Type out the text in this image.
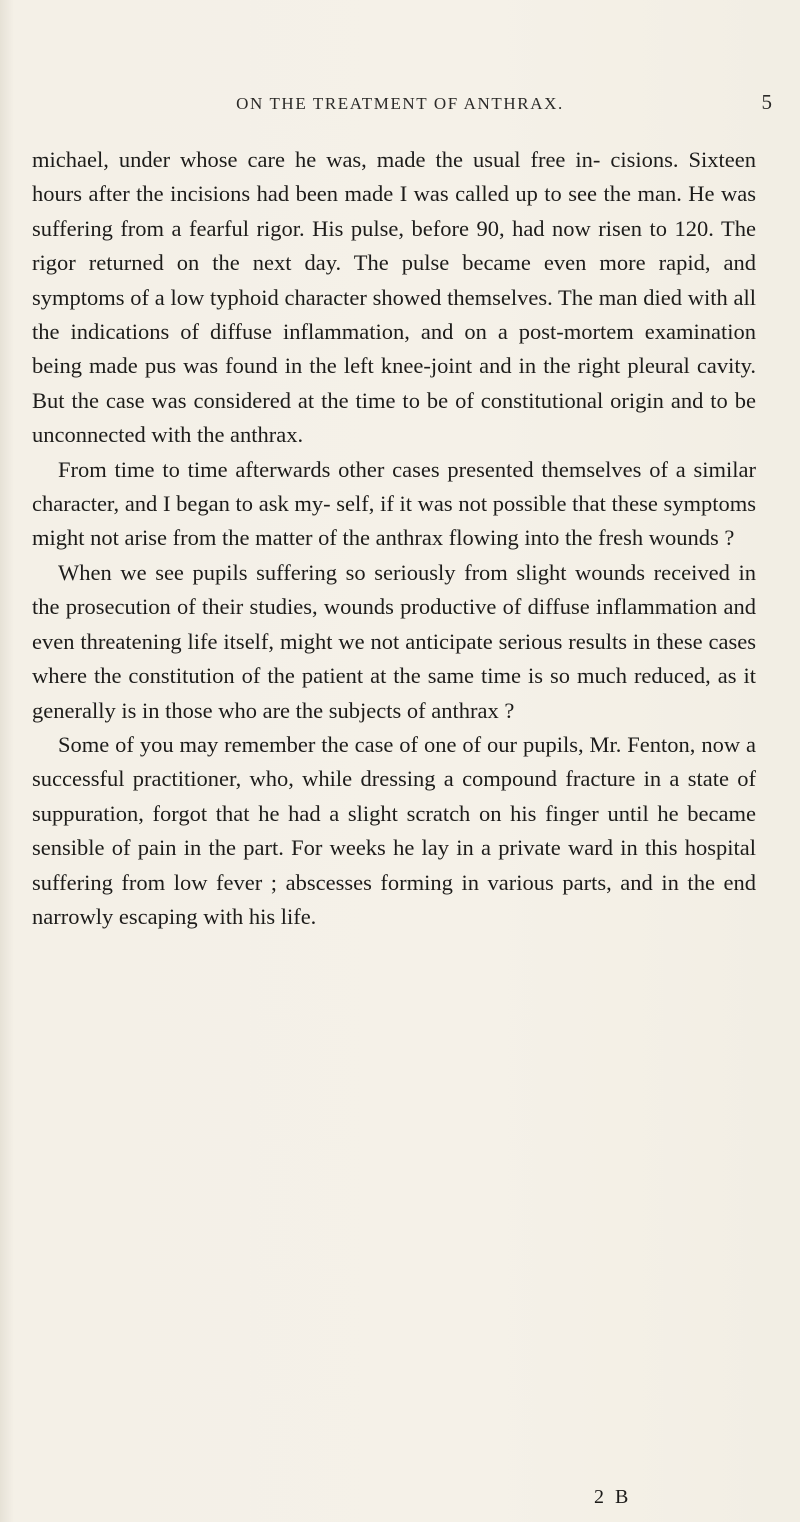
ON THE TREATMENT OF ANTHRAX.	5

michael, under whose care he was, made the usual free in- cisions. Sixteen hours after the incisions had been made I was called up to see the man. He was suffering from a fearful rigor. His pulse, before 90, had now risen to 120. The rigor returned on the next day. The pulse became even more rapid, and symptoms of a low typhoid character showed themselves. The man died with all the indications of diffuse inflammation, and on a post-mortem examination being made pus was found in the left knee-joint and in the right pleural cavity. But the case was considered at the time to be of constitutional origin and to be unconnected with the anthrax.

From time to time afterwards other cases presented themselves of a similar character, and I began to ask my- self, if it was not possible that these symptoms might not arise from the matter of the anthrax flowing into the fresh wounds ?

When we see pupils suffering so seriously from slight wounds received in the prosecution of their studies, wounds productive of diffuse inflammation and even threatening life itself, might we not anticipate serious results in these cases where the constitution of the patient at the same time is so much reduced, as it generally is in those who are the subjects of anthrax ?

Some of you may remember the case of one of our pupils, Mr. Fenton, now a successful practitioner, who, while dressing a compound fracture in a state of suppuration, forgot that he had a slight scratch on his finger until he became sensible of pain in the part. For weeks he lay in a private ward in this hospital suffering from low fever ; abscesses forming in various parts, and in the end narrowly escaping with his life.

2 B
